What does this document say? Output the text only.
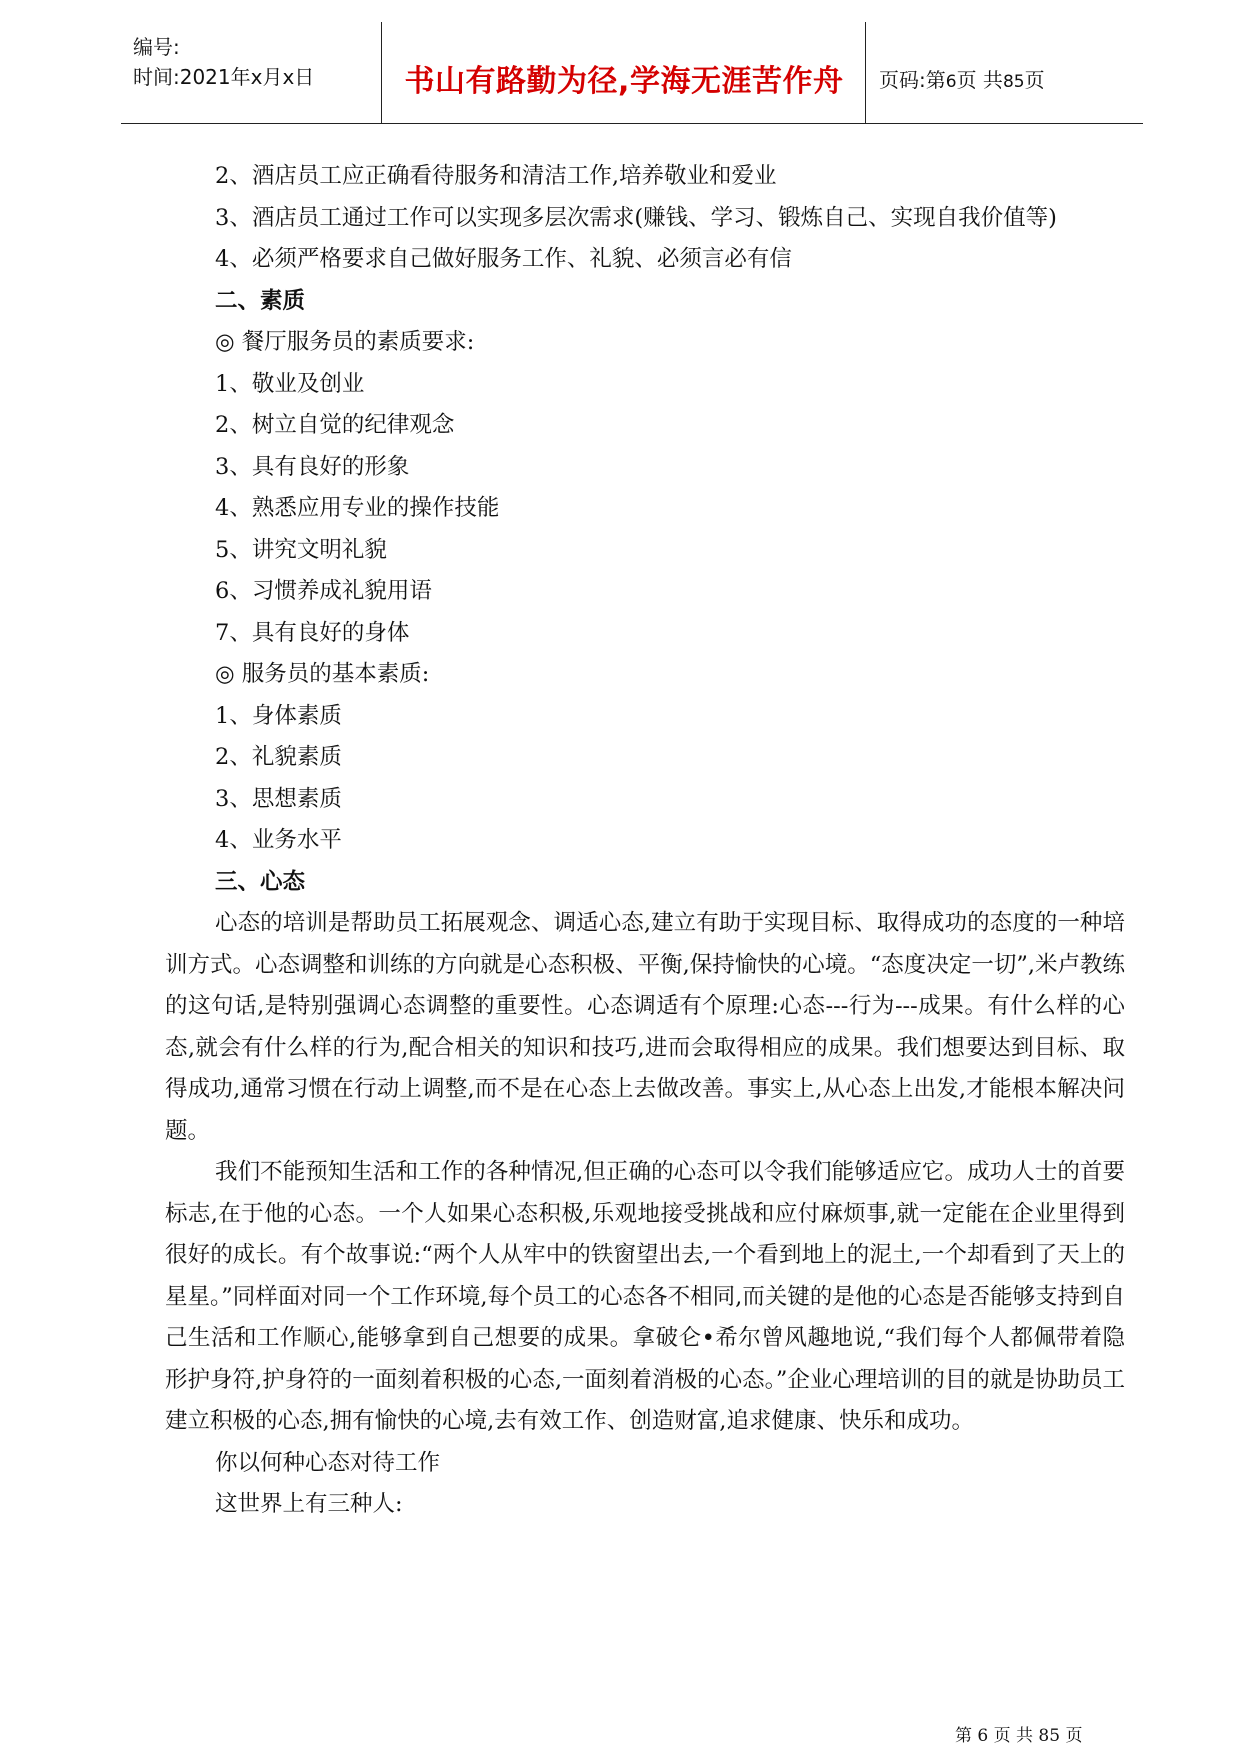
编号:
时间:2021年x月x日	书山有路勤为径,学海无涯苦作舟	页码:第6页 共85页
2、酒店员工应正确看待服务和清洁工作,培养敬业和爱业
3、酒店员工通过工作可以实现多层次需求(赚钱、学习、锻炼自己、实现自我价值等)
4、必须严格要求自己做好服务工作、礼貌、必须言必有信
二、素质
◎ 餐厅服务员的素质要求:
1、敬业及创业
2、树立自觉的纪律观念
3、具有良好的形象
4、熟悉应用专业的操作技能
5、讲究文明礼貌
6、习惯养成礼貌用语
7、具有良好的身体
◎ 服务员的基本素质:
1、身体素质
2、礼貌素质
3、思想素质
4、业务水平
三、心态
心态的培训是帮助员工拓展观念、调适心态,建立有助于实现目标、取得成功的态度的一种培训方式。心态调整和训练的方向就是心态积极、平衡,保持愉快的心境。“态度决定一切”,米卢教练的这句话,是特别强调心态调整的重要性。心态调适有个原理:心态---行为---成果。有什么样的心态,就会有什么样的行为,配合相关的知识和技巧,进而会取得相应的成果。我们想要达到目标、取得成功,通常习惯在行动上调整,而不是在心态上去做改善。事实上,从心态上出发,才能根本解决问题。
我们不能预知生活和工作的各种情况,但正确的心态可以令我们能够适应它。成功人士的首要标志,在于他的心态。一个人如果心态积极,乐观地接受挑战和应付麻烦事,就一定能在企业里得到很好的成长。有个故事说:“两个人从牢中的铁窗望出去,一个看到地上的泥土,一个却看到了天上的星星。”同样面对同一个工作环境,每个员工的心态各不相同,而关键的是他的心态是否能够支持到自己生活和工作顺心,能够拿到自己想要的成果。拿破仑•希尔曾风趣地说,“我们每个人都佩带着隐形护身符,护身符的一面刻着积极的心态,一面刻着消极的心态。”企业心理培训的目的就是协助员工建立积极的心态,拥有愉快的心境,去有效工作、创造财富,追求健康、快乐和成功。
你以何种心态对待工作
这世界上有三种人:
第 6 页 共 85 页
